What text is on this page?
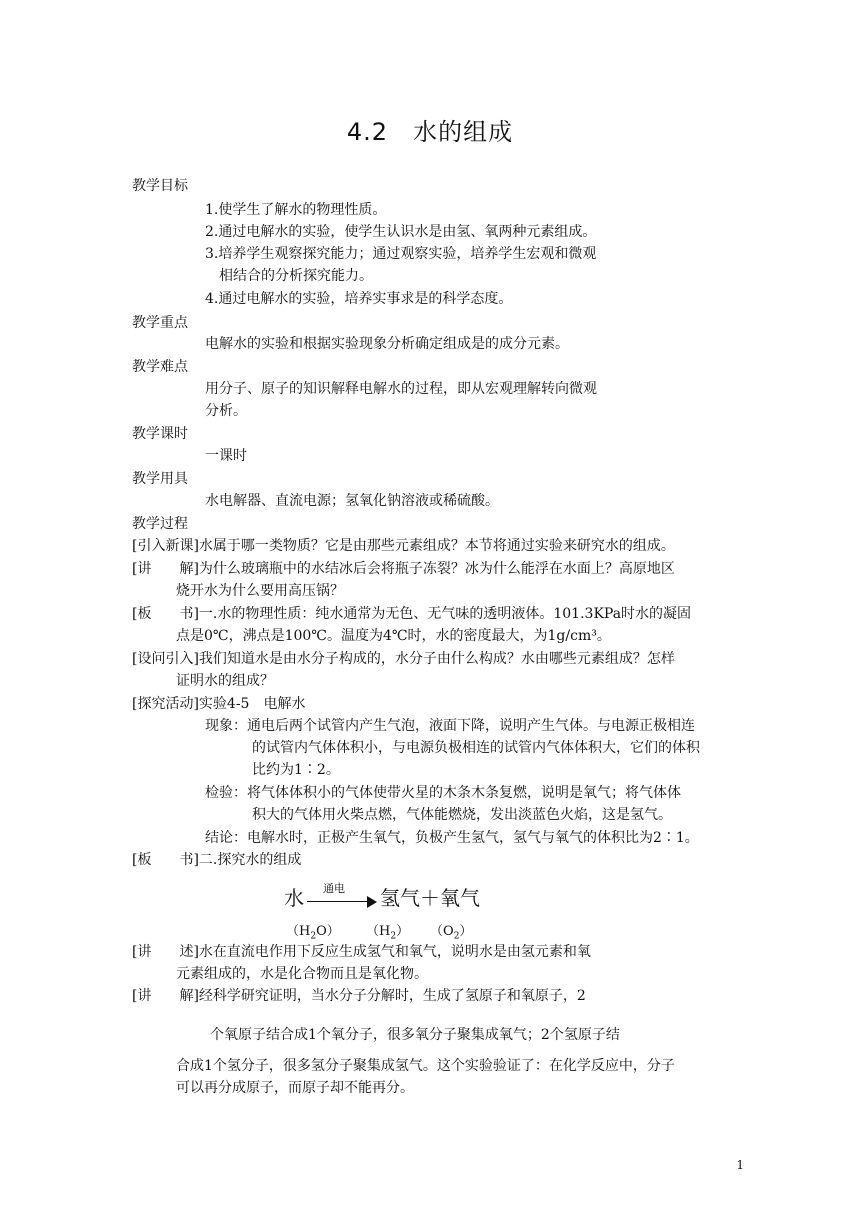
4.2　水的组成
教学目标
1.使学生了解水的物理性质。
2.通过电解水的实验，使学生认识水是由氢、氧两种元素组成。
3.培养学生观察探究能力；通过观察实验，培养学生宏观和微观
相结合的分析探究能力。
4.通过电解水的实验，培养实事求是的科学态度。
教学重点
电解水的实验和根据实验现象分析确定组成是的成分元素。
教学难点
用分子、原子的知识解释电解水的过程，即从宏观理解转向微观
分析。
教学课时
一课时
教学用具
水电解器、直流电源；氢氧化钠溶液或稀硫酸。
教学过程
[引入新课]水属于哪一类物质？它是由那些元素组成？本节将通过实验来研究水的组成。
[讲　　解]为什么玻璃瓶中的水结冰后会将瓶子冻裂？冰为什么能浮在水面上？高原地区
烧开水为什么要用高压锅？
[板　　书]一.水的物理性质：纯水通常为无色、无气味的透明液体。101.3KPa时水的凝固
点是0℃，沸点是100℃。温度为4℃时，水的密度最大，为1g/cm³。
[设问引入]我们知道水是由水分子构成的，水分子由什么构成？水由哪些元素组成？怎样
证明水的组成？
[探究活动]实验4-5　电解水
现象：通电后两个试管内产生气泡，液面下降，说明产生气体。与电源正极相连
的试管内气体体积小，与电源负极相连的试管内气体体积大，它们的体积
比约为1∶2。
检验：将气体体积小的气体使带火星的木条木条复燃，说明是氧气；将气体体
积大的气体用火柴点燃，气体能燃烧，发出淡蓝色火焰，这是氢气。
结论：电解水时，正极产生氧气，负极产生氢气，氢气与氧气的体积比为2∶1。
[板　　书]二.探究水的组成
水 通电 氢气＋氧气
$(H_2O)$ $(H_2)$ $(O_2)$
[讲　　述]水在直流电作用下反应生成氢气和氧气，说明水是由氢元素和氧
元素组成的，水是化合物而且是氧化物。
[讲　　解]经科学研究证明，当水分子分解时，生成了氢原子和氧原子，2
个氧原子结合成1个氧分子，很多氧分子聚集成氧气；2个氢原子结
合成1个氢分子，很多氢分子聚集成氢气。这个实验验证了：在化学反应中，分子
可以再分成原子，而原子却不能再分。
1
